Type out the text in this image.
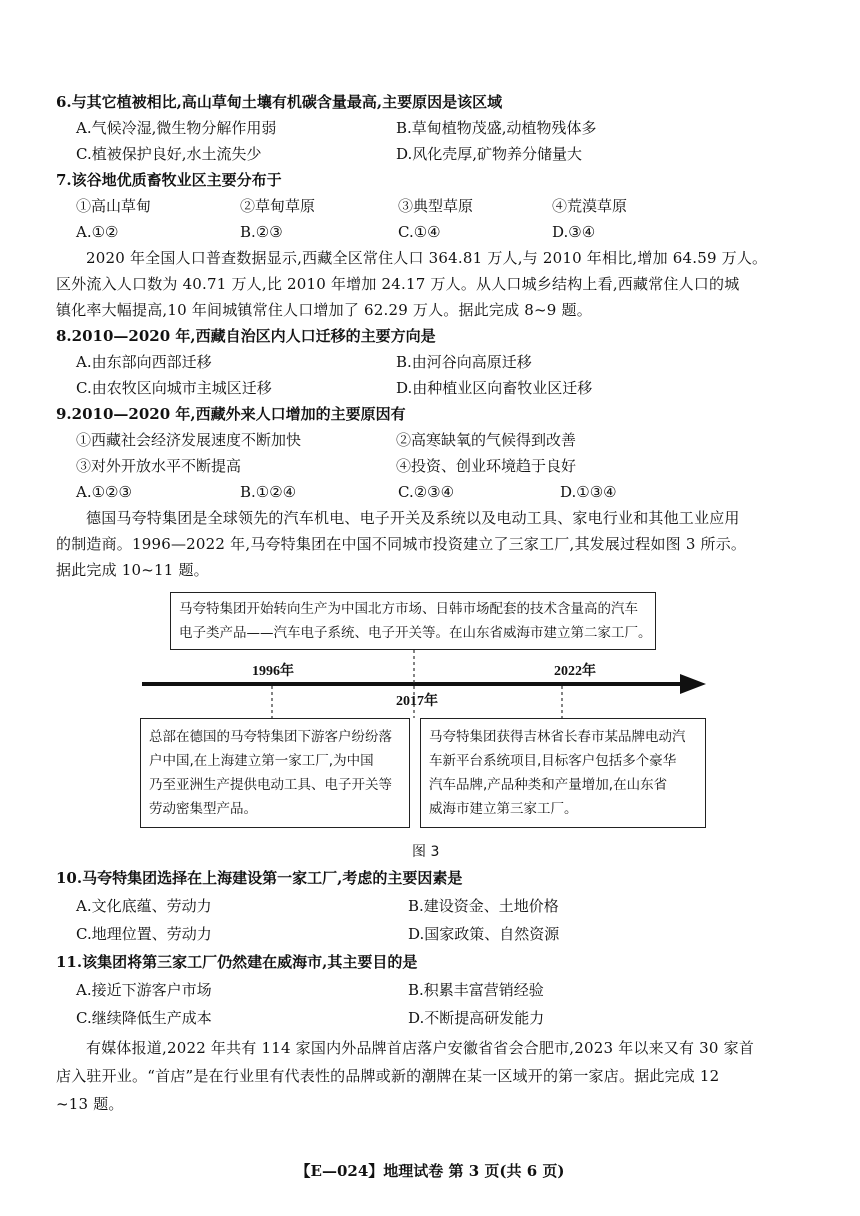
6.与其它植被相比,高山草甸土壤有机碳含量最高,主要原因是该区域
A.气候冷湿,微生物分解作用弱	B.草甸植物茂盛,动植物残体多
C.植被保护良好,水土流失少	D.风化壳厚,矿物养分储量大
7.该谷地优质畜牧业区主要分布于
①高山草甸	②草甸草原	③典型草原	④荒漠草原
A.①②	B.②③	C.①④	D.③④
2020 年全国人口普查数据显示,西藏全区常住人口 364.81 万人,与 2010 年相比,增加 64.59 万人。
区外流入人口数为 40.71 万人,比 2010 年增加 24.17 万人。从人口城乡结构上看,西藏常住人口的城
镇化率大幅提高,10 年间城镇常住人口增加了 62.29 万人。据此完成 8~9 题。
8.2010—2020 年,西藏自治区内人口迁移的主要方向是
A.由东部向西部迁移	B.由河谷向高原迁移
C.由农牧区向城市主城区迁移	D.由种植业区向畜牧业区迁移
9.2010—2020 年,西藏外来人口增加的主要原因有
①西藏社会经济发展速度不断加快	②高寒缺氧的气候得到改善
③对外开放水平不断提高	④投资、创业环境趋于良好
A.①②③	B.①②④	C.②③④	D.①③④
德国马夸特集团是全球领先的汽车机电、电子开关及系统以及电动工具、家电行业和其他工业应用
的制造商。1996—2022 年,马夸特集团在中国不同城市投资建立了三家工厂,其发展过程如图 3 所示。
据此完成 10~11 题。
马夸特集团开始转向生产为中国北方市场、日韩市场配套的技术含量高的汽车
电子类产品——汽车电子系统、电子开关等。在山东省威海市建立第二家工厂。
1996年	2022年
2017年
总部在德国的马夸特集团下游客户纷纷落
户中国,在上海建立第一家工厂,为中国
乃至亚洲生产提供电动工具、电子开关等
劳动密集型产品。
马夸特集团获得吉林省长春市某品牌电动汽
车新平台系统项目,目标客户包括多个豪华
汽车品牌,产品种类和产量增加,在山东省
威海市建立第三家工厂。
图 3
10.马夸特集团选择在上海建设第一家工厂,考虑的主要因素是
A.文化底蕴、劳动力	B.建设资金、土地价格
C.地理位置、劳动力	D.国家政策、自然资源
11.该集团将第三家工厂仍然建在威海市,其主要目的是
A.接近下游客户市场	B.积累丰富营销经验
C.继续降低生产成本	D.不断提高研发能力
有媒体报道,2022 年共有 114 家国内外品牌首店落户安徽省省会合肥市,2023 年以来又有 30 家首
店入驻开业。“首店”是在行业里有代表性的品牌或新的潮牌在某一区域开的第一家店。据此完成 12
~13 题。
【E—024】地理试卷 第 3 页(共 6 页)
